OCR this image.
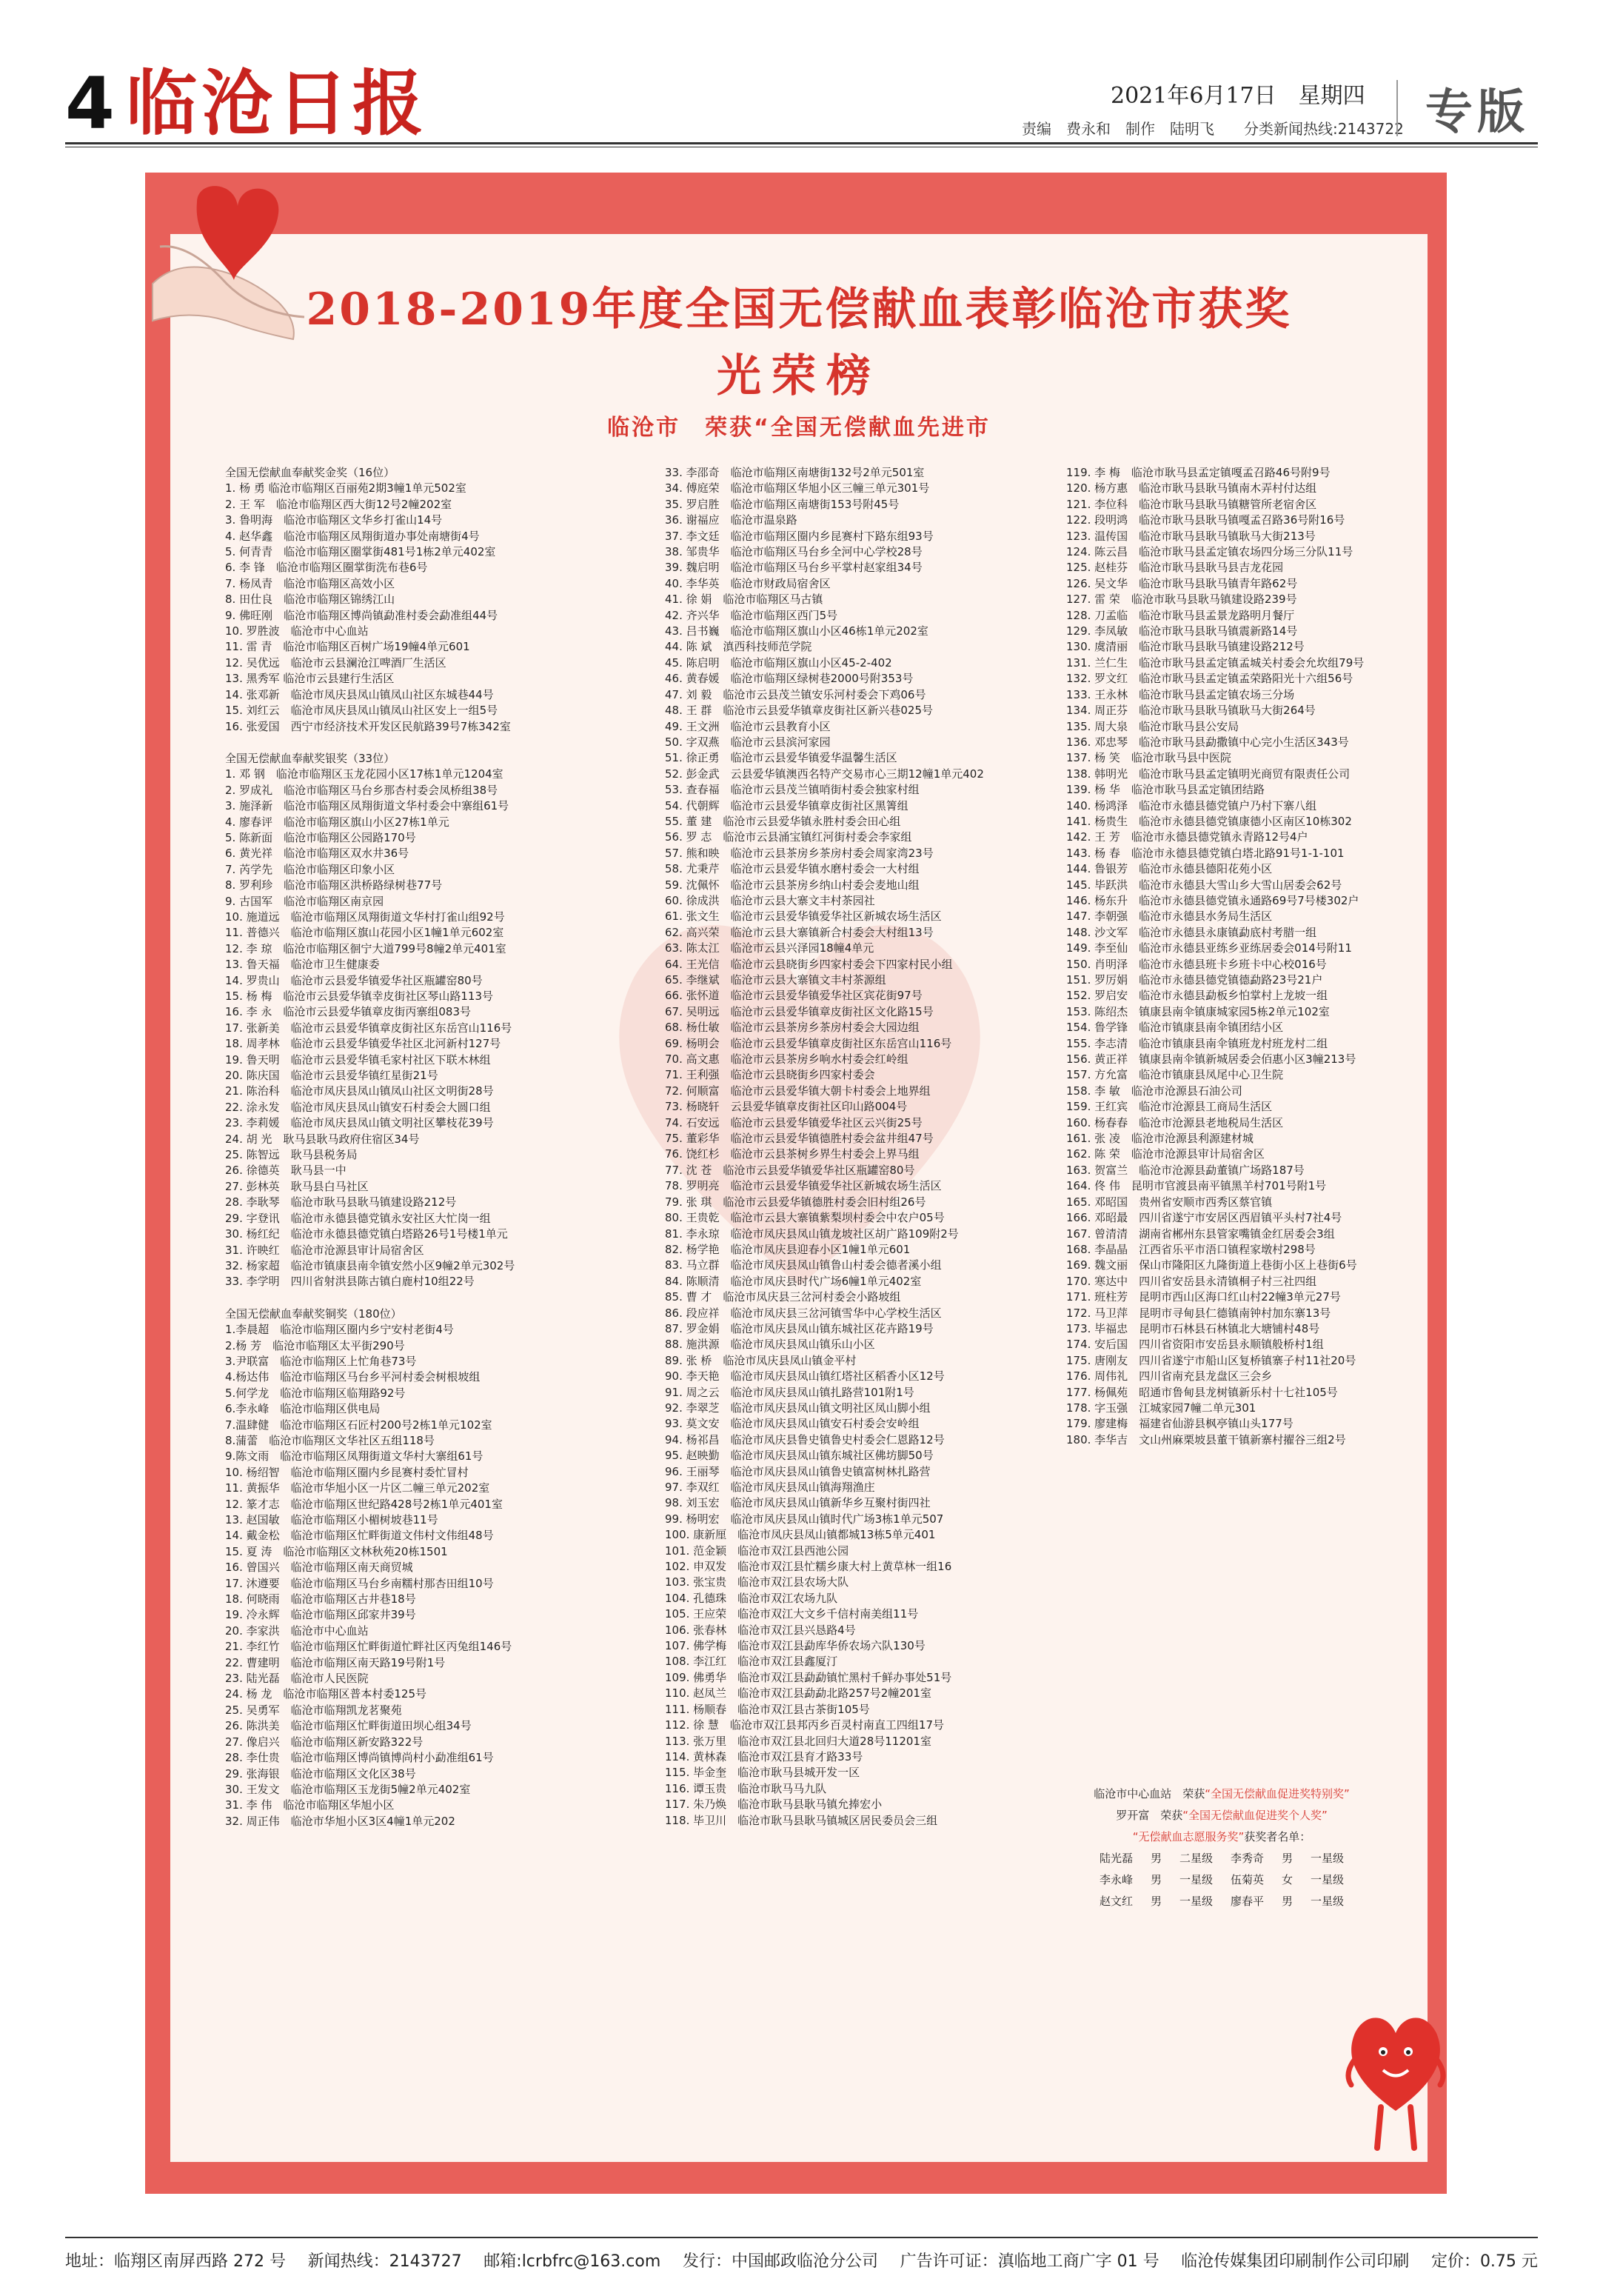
4 临沧日报	2021年6月17日　星期四
责编　 费永和　 制作　 陆明飞　　 分类新闻热线:2143722 专版
2018-2019年度全国无偿献血表彰临沧市获奖
光荣榜
临沧市　荣获“全国无偿献血先进市
全国无偿献血奉献奖金奖（16位）
1. 杨 勇 临沧市临翔区百丽苑2期3幢1单元502室
2. 王 军　临沧市临翔区西大街12号2幢202室
3. 鲁明海　临沧市临翔区文华乡打雀山14号
4. 赵华鑫　临沧市临翔区凤翔街道办事处南塘街4号
5. 何青青　临沧市临翔区圈掌街481号1栋2单元402室
6. 李 锋　临沧市临翔区圈掌街洗布巷6号
7. 杨凤青　临沧市临翔区高效小区
8. 田仕良　临沧市临翔区锦绣江山
9. 佛旺刚　临沧市临翔区博尚镇勐准村委会勐准组44号
10. 罗胜波　临沧市中心血站
11. 雷 青　临沧市临翔区百树广场19幢4单元601
12. 吴优远　临沧市云县澜沧江啤酒厂生活区
13. 黑秀军 临沧市云县建行生活区
14. 张邓新　临沧市凤庆县凤山镇凤山社区东城巷44号
15. 刘红云　临沧市凤庆县凤山镇凤山社区安上一组5号
16. 张爱国　西宁市经济技术开发区民航路39号7栋342室
全国无偿献血奉献奖银奖（33位）
1. 邓 钢　临沧市临翔区玉龙花园小区17栋1单元1204室
2. 罗成礼　临沧市临翔区马台乡那杏村委会凤桥组38号
3. 施泽新　临沧市临翔区凤翔街道文华村委会中寨组61号
4. 廖春评　临沧市临翔区旗山小区27栋1单元
5. 陈新面　临沧市临翔区公园路170号
6. 黄光祥　临沧市临翔区双水井36号
7. 芮学先　临沧市临翔区印象小区
8. 罗利珍　临沧市临翔区洪桥路绿树巷77号
9. 古国军　临沧市临翔区南京园
10. 施道远　临沧市临翔区凤翔街道文华村打雀山组92号
11. 普德兴　临沧市临翔区旗山花园小区1幢1单元602室
12. 李 琼　临沧市临翔区徊宁大道799号8幢2单元401室
13. 鲁天福　临沧市卫生健康委
14. 罗贵山　临沧市云县爱华镇爱华社区瓶罐窑80号
15. 杨 梅　临沧市云县爱华镇幸皮街社区琴山路113号
16. 李 永　临沧市云县爱华镇章皮街丙寨组083号
17. 张新美　临沧市云县爱华镇章皮街社区东岳宫山116号
18. 周孝林　临沧市云县爱华镇爱华社区北河新村127号
19. 鲁天明　临沧市云县爱华镇毛家村社区下联木林组
20. 陈庆国　临沧市云县爱华镇红星街21号
21. 陈治科　临沧市凤庆县凤山镇凤山社区文明街28号
22. 涂永发　临沧市凤庆县凤山镇安石村委会大圆口组
23. 李莉媛　临沧市凤庆县凤山镇文明社区攀枝花39号
24. 胡 光　耿马县耿马政府住宿区34号
25. 陈智远　耿马县税务局
26. 徐德英　耿马县一中
27. 彭林英　耿马县白马社区
28. 李耿琴　临沧市耿马县耿马镇建设路212号
29. 字登讯　临沧市永德县德党镇永安社区大忙岗一组
30. 杨红纪　临沧市永德县德党镇白塔路26号1号楼1单元
31. 许映红　临沧市沧源县审计局宿舍区
32. 杨家超　临沧市镇康县南伞镇安然小区9幢2单元302号
33. 李学明　四川省射洪县陈古镇白鹿村10组22号
全国无偿献血奉献奖铜奖（180位）
1.李晨超　临沧市临翔区圈内乡宁安村老街4号
2.杨 芳　临沧市临翔区太平街290号
3.尹联富　临沧市临翔区上忙角巷73号
4.杨达伟　临沧市临翔区马台乡平河村委会树根坡组
5.何学龙　临沧市临翔区临翔路92号
6.李永峰　临沧市临翔区供电局
7.温肆健　临沧市临翔区石匠村200号2栋1单元102室
8.蒲蕾　临沧市临翔区文华社区五组118号
9.陈文雨　临沧市临翔区凤翔街道文华村大寨组61号
10. 杨绍智　临沧市临翔区圈内乡昆赛村委忙冒村
11. 黄振华　临沧市华旭小区一片区二幢三单元202室
12. 篆才志　临沧市临翔区世纪路428号2栋1单元401室
13. 赵国敏　临沧市临翔区小楣树坡巷11号
14. 戴金松　临沧市临翔区忙畔街道文伟村文伟组48号
15. 夏 涛　临沧市临翔区文林秋苑20栋1501
16. 曾国兴　临沧市临翔区南天商贸城
17. 沐遵要　临沧市临翔区马台乡南糯村那杏田组10号
18. 何晓雨　临沧市临翔区古井巷18号
19. 冷永辉　临沧市临翔区邱家井39号
20. 李家洪　临沧市中心血站
21. 李红竹　临沧市临翔区忙畔街道忙畔社区丙兔组146号
22. 曹建明　临沧市临翔区南天路19号附1号
23. 陆光磊　临沧市人民医院
24. 杨 龙　临沧市临翔区普本村委125号
25. 吴勇军　临沧市临翔凯龙茗聚苑
26. 陈洪美　临沧市临翔区忙畔街道田坝心组34号
27. 像启兴　临沧市临翔区新安路322号
28. 李仕贵　临沧市临翔区博尚镇博尚村小勐准组61号
29. 张海银　临沧市临翔区文化区38号
30. 王发文　临沧市临翔区玉龙街5幢2单元402室
31. 李 伟　临沧市临翔区华旭小区
32. 周正伟　临沧市华旭小区3区4幢1单元202
33. 李邵奇　临沧市临翔区南塘街132号2单元501室
34. 傅庭荣　临沧市临翔区华旭小区三幢三单元301号
35. 罗启胜　临沧市临翔区南塘街153号附45号
36. 谢福应　临沧市温泉路
37. 李文廷　临沧市临翔区圈内乡昆赛村下路东组93号
38. 邹贵华　临沧市临翔区马台乡全河中心学校28号
39. 魏启明　临沧市临翔区马台乡平掌村赵家组34号
40. 李华英　临沧市财政局宿舍区
41. 徐 娟　临沧市临翔区马古镇
42. 齐兴华　临沧市临翔区西门5号
43. 吕书巍　临沧市临翔区旗山小区46栋1单元202室
44. 陈 斌　滇西科技师范学院
45. 陈启明　临沧市临翔区旗山小区45-2-402
46. 黄春媛　临沧市临翔区绿树巷2000号附353号
47. 刘 毅　临沧市云县茂兰镇安乐河村委会下鸡06号
48. 王 群　临沧市云县爱华镇章皮街社区新兴巷025号
49. 王文洲　临沧市云县教育小区
50. 字双燕　临沧市云县滨河家园
51. 徐正勇　临沧市云县爱华镇爱华温馨生活区
52. 彭金武　云县爱华镇澳西名特产交易市心三期12幢1单元402
53. 查春福　临沧市云县茂兰镇哨街村委会独家村组
54. 代朝辉　临沧市云县爱华镇章皮街社区黑箐组
55. 董 建　临沧市云县爱华镇永胜村委会田心组
56. 罗 志　临沧市云县涌宝镇红河街村委会李家组
57. 熊和映　临沧市云县茶房乡茶房村委会周家湾23号
58. 尤秉芹　临沧市云县爱华镇水磨村委会一大村组
59. 沈佩怀　临沧市云县茶房乡纳山村委会麦地山组
60. 徐成洪　临沧市云县大寨文丰村茶园社
61. 张文生　临沧市云县爱华镇爱华社区新城农场生活区
62. 高兴荣　临沧市云县大寨镇新合村委会大村组13号
63. 陈太江　临沧市云县兴泽园18幢4单元
64. 王光信　临沧市云县晓街乡四家村委会下四家村民小组
65. 李继斌　临沧市云县大寨镇文丰村茶源组
66. 张怀道　临沧市云县爱华镇爱华社区宾花街97号
67. 吴明远　临沧市云县爱华镇章皮街社区文化路15号
68. 杨仕敏　临沧市云县茶房乡茶房村委会大园边组
69. 杨明会　临沧市云县爱华镇章皮街社区东岳宫山116号
70. 高文惠　临沧市云县茶房乡响水村委会红岭组
71. 王利强　临沧市云县晓街乡四家村委会
72. 何顺富　临沧市云县爱华镇大朝卡村委会上地界组
73. 杨晓轩　云县爱华镇章皮街社区印山路004号
74. 石安远　临沧市云县爱华镇爱华社区云兴街25号
75. 董彩华　临沧市云县爱华镇德胜村委会盆井组47号
76. 饶红杉　临沧市云县茶树乡界生村委会上界马组
77. 沈 苍　临沧市云县爱华镇爱华社区瓶罐窑80号
78. 罗明亮　临沧市云县爱华镇爱华社区新城农场生活区
79. 张 琪　临沧市云县爱华镇德胜村委会旧村组26号
80. 王贵乾　临沧市云县大寨镇紫梨坝村委会中农户05号
81. 李永琼　临沧市凤庆县凤山镇龙坡社区胡广路109附2号
82. 杨学艳　临沧市凤庆县迎春小区1幢1单元601
83. 马立群　临沧市凤庆县凤山镇鲁山村委会德者溪小组
84. 陈顺清　临沧市凤庆县时代广场6幢1单元402室
85. 曹 才　临沧市凤庆县三岔河村委会小路坡组
86. 段应祥　临沧市凤庆县三岔河镇雪华中心学校生活区
87. 罗金娟　临沧市凤庆县凤山镇东城社区花卉路19号
88. 施洪源　临沧市凤庆县凤山镇乐山小区
89. 张 桥　临沧市凤庆县凤山镇金平村
90. 李天艳　临沧市凤庆县凤山镇红塔社区稻香小区12号
91. 周之云　临沧市凤庆县凤山镇扎路营101附1号
92. 李翠芝　临沧市凤庆县凤山镇文明社区凤山脚小组
93. 莫文安　临沧市凤庆县凤山镇安石村委会安岭组
94. 杨祁昌　临沧市凤庆县鲁史镇鲁史村委会仁恩路12号
95. 赵映勤　临沧市凤庆县凤山镇东城社区佛坊脚50号
96. 王丽琴　临沧市凤庆县凤山镇鲁史镇富树林扎路营
97. 李双红　临沧市凤庆县凤山镇海翔渔庄
98. 刘玉宏　临沧市凤庆县凤山镇新华乡互聚村街四社
99. 杨明宏　临沧市凤庆县凤山镇时代广场3栋1单元507
100. 康新厘　临沧市凤庆县凤山镇都城13栋5单元401
101. 范金颖　临沧市双江县西池公园
102. 申双发　临沧市双江县忙糯乡康大村上黄草林一组16
103. 张宝贵　临沧市双江县农场大队
104. 孔德珠　临沧市双江农场九队
105. 王应荣　临沧市双江大文乡千信村南美组11号
106. 张春林　临沧市双江县兴恳路4号
107. 佛学梅　临沧市双江县勐库华侨农场六队130号
108. 李江红　临沧市双江县鑫厦汀
109. 佛勇华　临沧市双江县勐勐镇忙黑村千鲜办事处51号
110. 赵凤兰　临沧市双江县勐勐北路257号2幢201室
111. 杨顺春　临沧市双江县古茶街105号
112. 徐 慧　临沧市双江县邦丙乡百灵村南直工四组17号
113. 张万里　临沧市双江县北回归大道28号11201室
114. 黄林森　临沧市双江县育才路33号
115. 毕金奎　临沧市耿马县城开发一区
116. 谭玉贵　临沧市耿马马九队
117. 朱乃焕　临沧市耿马县耿马镇允捧宏小
118. 毕卫川　临沧市耿马县耿马镇城区居民委员会三组
119. 李 梅　临沧市耿马县孟定镇嘎孟召路46号附9号
120. 杨方惠　临沧市耿马县耿马镇南木弄村付达组
121. 李位科　临沧市耿马县耿马镇糖管所老宿舍区
122. 段明鸿　临沧市耿马县耿马镇嘎孟召路36号附16号
123. 温传国　临沧市耿马县耿马镇耿马大街213号
124. 陈云昌　临沧市耿马县孟定镇农场四分场三分队11号
125. 赵桂芬　临沧市耿马县耿马县吉龙花园
126. 吴文华　临沧市耿马县耿马镇青年路62号
127. 雷 荣　临沧市耿马县耿马镇建设路239号
128. 刀孟临　临沧市耿马县孟景龙路明月餐厅
129. 李凤敏　临沧市耿马县耿马镇震新路14号
130. 虞清丽　临沧市耿马县耿马镇建设路212号
131. 兰仁生　临沧市耿马县孟定镇孟城关村委会允坎组79号
132. 罗文红　临沧市耿马县孟定镇孟荣路阳光十六组56号
133. 王永林　临沧市耿马县孟定镇农场三分场
134. 周正芬　临沧市耿马县耿马镇耿马大街264号
135. 周大泉　临沧市耿马县公安局
136. 邓忠琴　临沧市耿马县勐撒镇中心完小生活区343号
137. 杨 笑　临沧市耿马县中医院
138. 韩明光　临沧市耿马县孟定镇明光商贸有限责任公司
139. 杨 华　临沧市耿马县孟定镇团结路
140. 杨鸿泽　临沧市永德县德党镇户乃村下寨八组
141. 杨贵生　临沧市永德县德党镇康德小区南区10栋302
142. 王 芳　临沧市永德县德党镇永青路12号4户
143. 杨 春　临沧市永德县德党镇白塔北路91号1-1-101
144. 鲁银芳　临沧市永德县德阳花苑小区
145. 毕跃洪　临沧市永德县大雪山乡大雪山居委会62号
146. 杨东升　临沧市永德县德党镇永通路69号7号楼302户
147. 李朝强　临沧市永德县水务局生活区
148. 沙文军　临沧市永德县永康镇勐底村考腊一组
149. 李至仙　临沧市永德县亚练乡亚练居委会014号附11
150. 肖明泽　临沧市永德县班卡乡班卡中心校016号
151. 罗厉娟　临沧市永德县德党镇德勐路23号21户
152. 罗启安　临沧市永德县勐板乡怕掌村上龙坡一组
153. 陈绍杰　镇康县南伞镇康城家园5栋2单元102室
154. 鲁学锋　临沧市镇康县南伞镇团结小区
155. 李志清　临沧市镇康县南伞镇班龙村班龙村二组
156. 黄正祥　镇康县南伞镇新城居委会佰惠小区3幢213号
157. 方允富　临沧市镇康县凤尾中心卫生院
158. 李 敏　临沧市沧源县石油公司
159. 王红宾　临沧市沧源县工商局生活区
160. 杨春春　临沧市沧源县老地税局生活区
161. 张 凌　临沧市沧源县利源建材城
162. 陈 荣　临沧市沧源县审计局宿舍区
163. 贺富兰　临沧市沧源县勐董镇广场路187号
164. 佟 伟　昆明市官渡县南平镇黑羊村701号附1号
165. 邓昭国　贵州省安顺市西秀区蔡官镇
166. 邓昭最　四川省遂宁市安居区西眉镇平头村7社4号
167. 曾清清　湖南省郴州东县管家嘴镇金红居委会3组
168. 李晶晶　江西省乐平市浯口镇程家墩村298号
169. 魏文丽　保山市隆阳区九隆街道上巷街小区上巷街6号
170. 寒达中　四川省安岳县永清镇桐子村三社四组
171. 班柱芳　昆明市西山区海口红山村22幢3单元27号
172. 马卫萍　昆明市寻甸县仁德镇南钟村加东寨13号
173. 毕福忠　昆明市石林县石林镇北大塘铺村48号
174. 安后国　四川省资阳市安岳县永顺镇般桥村1组
175. 唐刚友　四川省遂宁市船山区复桥镇寨子村11社20号
176. 周伟礼　四川省南充县龙盘区三会乡
177. 杨佩苑　昭通市鲁甸县龙树镇新乐村十七社105号
178. 字玉强　江城家园7幢二单元301
179. 廖建梅　福建省仙游县枫亭镇山头177号
180. 李华吉　文山州麻栗坡县董干镇新寨村擢谷三组2号
临沧市中心血站　 荣获“全国无偿献血促进奖特别奖”
罗开富　 荣获“全国无偿献血促进奖个人奖”
“无偿献血志愿服务奖”获奖者名单：
陆光磊 男 二星级 李秀奇 男 一星级
李永峰 男 一星级 伍菊英 女 一星级
赵文红 男 一星级 廖春平 男 一星级
地址：临翔区南屏西路 272 号 新闻热线：2143727 邮箱:lcrbfrc@163.com 发行：中国邮政临沧分公司 广告许可证：滇临地工商广字 01 号 临沧传媒集团印刷制作公司印刷 定价：0.75 元
